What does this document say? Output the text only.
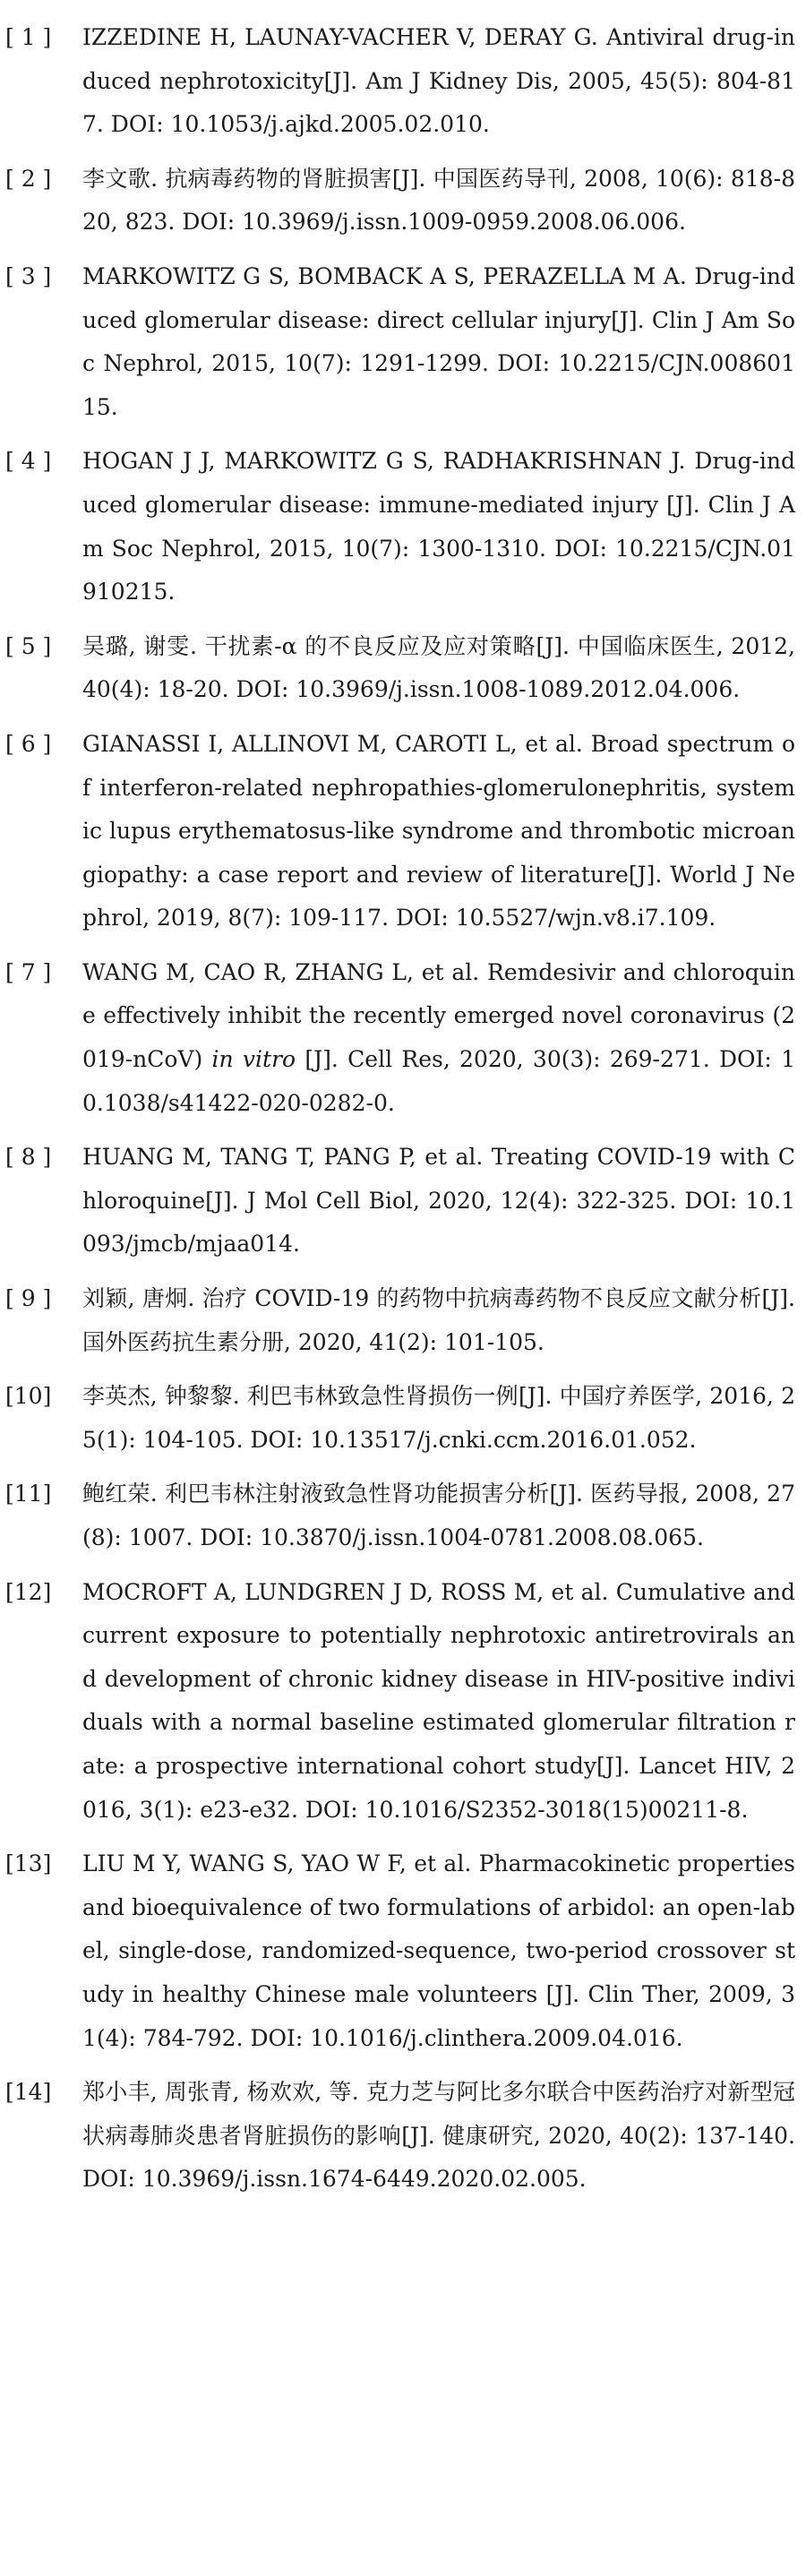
[ 1 ]	IZZEDINE H, LAUNAY-VACHER V, DERAY G. Antiviral drug-induced nephrotoxicity[J]. Am J Kidney Dis, 2005, 45(5): 804-817. DOI: 10.1053/j.ajkd.2005.02.010.
[ 2 ]	李文歌. 抗病毒药物的肾脏损害[J]. 中国医药导刊, 2008, 10(6): 818-820, 823. DOI: 10.3969/j.issn.1009-0959.2008.06.006.
[ 3 ]	MARKOWITZ G S, BOMBACK A S, PERAZELLA M A. Drug-induced glomerular disease: direct cellular injury[J]. Clin J Am Soc Nephrol, 2015, 10(7): 1291-1299. DOI: 10.2215/CJN.00860115.
[ 4 ]	HOGAN J J, MARKOWITZ G S, RADHAKRISHNAN J. Drug-induced glomerular disease: immune-mediated injury [J]. Clin J Am Soc Nephrol, 2015, 10(7): 1300-1310. DOI: 10.2215/CJN.01910215.
[ 5 ]	吴璐, 谢雯. 干扰素-α 的不良反应及应对策略[J]. 中国临床医生, 2012, 40(4): 18-20. DOI: 10.3969/j.issn.1008-1089.2012.04.006.
[ 6 ]	GIANASSI I, ALLINOVI M, CAROTI L, et al. Broad spectrum of interferon-related nephropathies-glomerulonephritis, systemic lupus erythematosus-like syndrome and thrombotic microangiopathy: a case report and review of literature[J]. World J Nephrol, 2019, 8(7): 109-117. DOI: 10.5527/wjn.v8.i7.109.
[ 7 ]	WANG M, CAO R, ZHANG L, et al. Remdesivir and chloroquine effectively inhibit the recently emerged novel coronavirus (2019-nCoV) in vitro [J]. Cell Res, 2020, 30(3): 269-271. DOI: 10.1038/s41422-020-0282-0.
[ 8 ]	HUANG M, TANG T, PANG P, et al. Treating COVID-19 with Chloroquine[J]. J Mol Cell Biol, 2020, 12(4): 322-325. DOI: 10.1093/jmcb/mjaa014.
[ 9 ]	刘颖, 唐炯. 治疗 COVID-19 的药物中抗病毒药物不良反应文献分析[J]. 国外医药抗生素分册, 2020, 41(2): 101-105.
[10]	李英杰, 钟黎黎. 利巴韦林致急性肾损伤一例[J]. 中国疗养医学, 2016, 25(1): 104-105. DOI: 10.13517/j.cnki.ccm.2016.01.052.
[11]	鲍红荣. 利巴韦林注射液致急性肾功能损害分析[J]. 医药导报, 2008, 27(8): 1007. DOI: 10.3870/j.issn.1004-0781.2008.08.065.
[12]	MOCROFT A, LUNDGREN J D, ROSS M, et al. Cumulative and current exposure to potentially nephrotoxic antiretrovirals and development of chronic kidney disease in HIV-positive individuals with a normal baseline estimated glomerular filtration rate: a prospective international cohort study[J]. Lancet HIV, 2016, 3(1): e23-e32. DOI: 10.1016/S2352-3018(15)00211-8.
[13]	LIU M Y, WANG S, YAO W F, et al. Pharmacokinetic properties and bioequivalence of two formulations of arbidol: an open-label, single-dose, randomized-sequence, two-period crossover study in healthy Chinese male volunteers [J]. Clin Ther, 2009, 31(4): 784-792. DOI: 10.1016/j.clinthera.2009.04.016.
[14]	郑小丰, 周张青, 杨欢欢, 等. 克力芝与阿比多尔联合中医药治疗对新型冠状病毒肺炎患者肾脏损伤的影响[J]. 健康研究, 2020, 40(2): 137-140. DOI: 10.3969/j.issn.1674-6449.2020.02.005.
